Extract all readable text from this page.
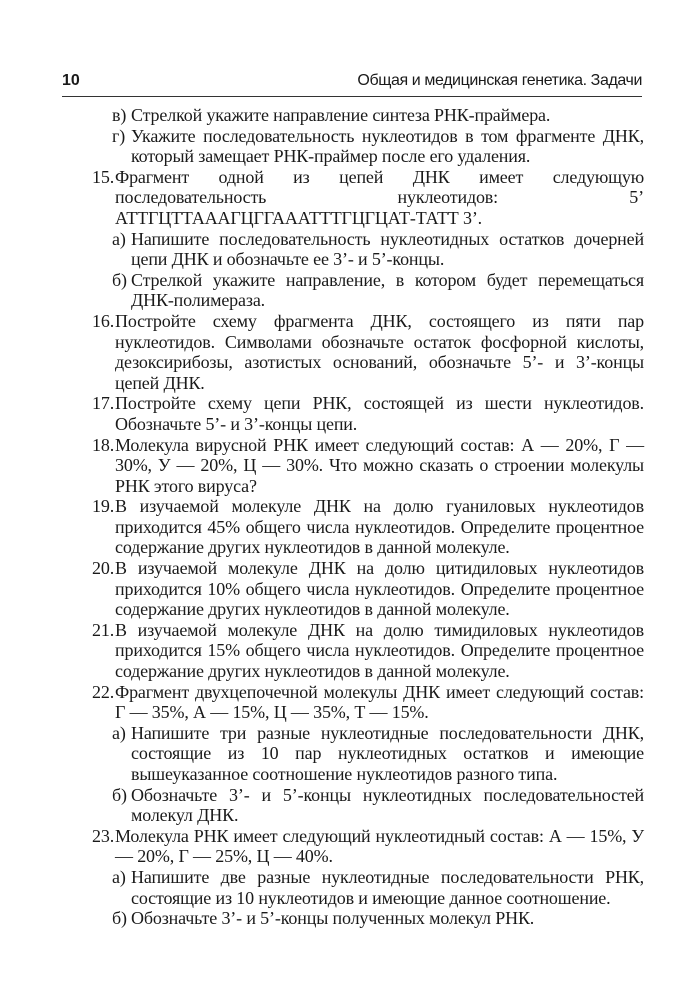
10	Общая и медицинская генетика. Задачи

в) Стрелкой укажите направление синтеза РНК-праймера.

г) Укажите последовательность нуклеотидов в том фрагменте ДНК, который замещает РНК-праймер после его удаления.

15. Фрагмент одной из цепей ДНК имеет следующую последовательность нуклеотидов: 5’ АТТГЦТТАААГЦГГАААТТТГЦГЦАТ-ТАТТ 3’.

а) Напишите последовательность нуклеотидных остатков дочерней цепи ДНК и обозначьте ее 3’- и 5’-концы.

б) Стрелкой укажите направление, в котором будет перемещаться ДНК-полимераза.

16. Постройте схему фрагмента ДНК, состоящего из пяти пар нуклеотидов. Символами обозначьте остаток фосфорной кислоты, дезоксирибозы, азотистых оснований, обозначьте 5’- и 3’-концы цепей ДНК.

17. Постройте схему цепи РНК, состоящей из шести нуклеотидов. Обозначьте 5’- и 3’-концы цепи.

18. Молекула вирусной РНК имеет следующий состав: А — 20%, Г — 30%, У — 20%, Ц — 30%. Что можно сказать о строении молекулы РНК этого вируса?

19. В изучаемой молекуле ДНК на долю гуаниловых нуклеотидов приходится 45% общего числа нуклеотидов. Определите процентное содержание других нуклеотидов в данной молекуле.

20. В изучаемой молекуле ДНК на долю цитидиловых нуклеотидов приходится 10% общего числа нуклеотидов. Определите процентное содержание других нуклеотидов в данной молекуле.

21. В изучаемой молекуле ДНК на долю тимидиловых нуклеотидов приходится 15% общего числа нуклеотидов. Определите процентное содержание других нуклеотидов в данной молекуле.

22. Фрагмент двухцепочечной молекулы ДНК имеет следующий состав: Г — 35%, А — 15%, Ц — 35%, Т — 15%.

а) Напишите три разные нуклеотидные последовательности ДНК, состоящие из 10 пар нуклеотидных остатков и имеющие вышеуказанное соотношение нуклеотидов разного типа.

б) Обозначьте 3’- и 5’-концы нуклеотидных последовательностей молекул ДНК.

23. Молекула РНК имеет следующий нуклеотидный состав: А — 15%, У — 20%, Г — 25%, Ц — 40%.

а) Напишите две разные нуклеотидные последовательности РНК, состоящие из 10 нуклеотидов и имеющие данное соотношение.

б) Обозначьте 3’- и 5’-концы полученных молекул РНК.
